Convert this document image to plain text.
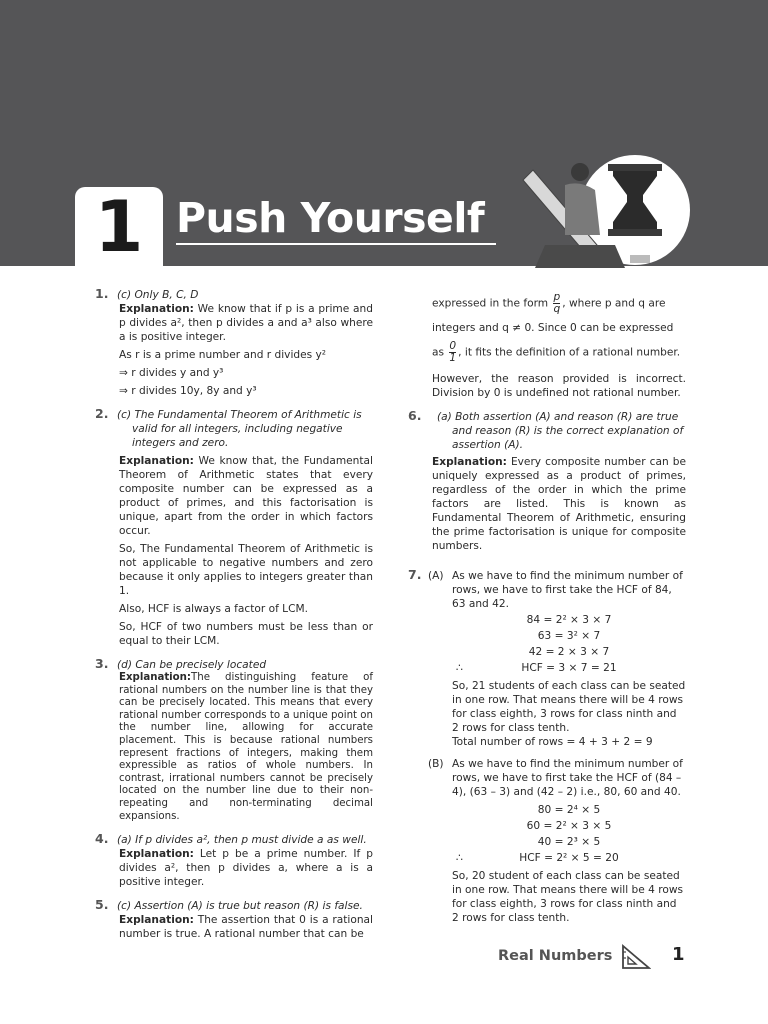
1 Push Yourself
1. (c) Only B, C, D

Explanation: We know that if p is a prime and p divides a², then p divides a and a³ also where a is positive integer.

As r is a prime number and r divides y²

⇒ r divides y and y³

⇒ r divides 10y, 8y and y³

2. (c) The Fundamental Theorem of Arithmetic is valid for all integers, including negative integers and zero.

Explanation: We know that, the Fundamental Theorem of Arithmetic states that every composite number can be expressed as a product of primes, and this factorisation is unique, apart from the order in which factors occur.

So, The Fundamental Theorem of Arithmetic is not applicable to negative numbers and zero because it only applies to integers greater than 1.

Also, HCF is always a factor of LCM.

So, HCF of two numbers must be less than or equal to their LCM.

3. (d) Can be precisely located

Explanation:The distinguishing feature of rational numbers on the number line is that they can be precisely located. This means that every rational number corresponds to a unique point on the number line, allowing for accurate placement. This is because rational numbers represent fractions of integers, making them expressible as ratios of whole numbers. In contrast, irrational numbers cannot be precisely located on the number line due to their non-repeating and non-terminating decimal expansions.

4. (a) If p divides a², then p must divide a as well.

Explanation: Let p be a prime number. If p divides a², then p divides a, where a is a positive integer.

5. (c) Assertion (A) is true but reason (R) is false.

Explanation: The assertion that 0 is a rational number is true. A rational number that can be

expressed in the form $\frac{p}{q}$ , where p and q are

integers and q ≠ 0. Since 0 can be expressed

as $\frac{0}{1}$ , it fits the definition of a rational number.

However, the reason provided is incorrect. Division by 0 is undefined not rational number.

6.	(a) Both assertion (A) and reason (R) are true and reason (R) is the correct explanation of assertion (A).

Explanation: Every composite number can be uniquely expressed as a product of primes, regardless of the order in which the prime factors are listed. This is known as Fundamental Theorem of Arithmetic, ensuring the prime factorisation is unique for composite numbers.

7. (A) As we have to find the minimum number of rows, we have to first take the HCF of 84, 63 and 42.
84 = 2² × 3 × 7
63 = 3² × 7
42 = 2 × 3 × 7
∴	HCF = 3 × 7 = 21
So, 21 students of each class can be seated in one row. That means there will be 4 rows for class eighth, 3 rows for class ninth and 2 rows for class tenth.
Total number of rows = 4 + 3 + 2 = 9
(B) As we have to find the minimum number of rows, we have to first take the HCF of (84 – 4), (63 – 3) and (42 – 2) i.e., 80, 60 and 40.
80 = 2⁴ × 5
60 = 2² × 3 × 5
40 = 2³ × 5
∴	HCF = 2² × 5 = 20
So, 20 student of each class can be seated in one row. That means there will be 4 rows for class eighth, 3 rows for class ninth and 2 rows for class tenth.
Real Numbers	1
